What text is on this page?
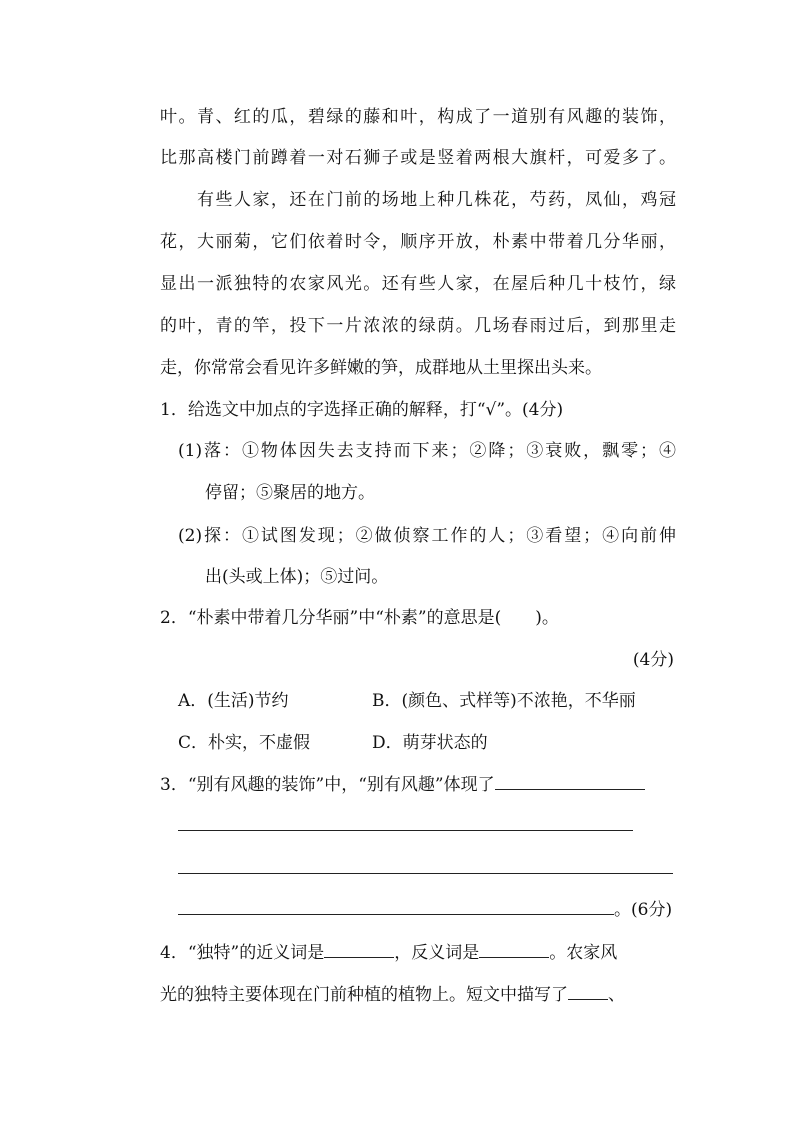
叶。青、红的瓜，碧绿的藤和叶，构成了一道别有风趣的装饰，
比那高楼门前蹲着一对石狮子或是竖着两根大旗杆，可爱多了。
有些人家，还在门前的场地上种几株花，芍药，凤仙，鸡冠
花，大丽菊，它们依着时令，顺序开放，朴素中带着几分华丽，
显出一派独特的农家风光。还有些人家，在屋后种几十枝竹，绿
的叶，青的竿，投下一片浓浓的绿荫。几场春雨过后，到那里走
走，你常常会看见许多鲜嫩的笋，成群地从土里探出头来。
1．给选文中加点的字选择正确的解释，打“√”。(4分)
(1)落：①物体因失去支持而下来；②降；③衰败，飘零；④
停留；⑤聚居的地方。
(2)探：①试图发现；②做侦察工作的人；③看望；④向前伸
出(头或上体)；⑤过问。
2．“朴素中带着几分华丽”中“朴素”的意思是( )。
(4分)
A．(生活)节约	B．(颜色、式样等)不浓艳，不华丽
C．朴实，不虚假	D．萌芽状态的
3．“别有风趣的装饰”中，“别有风趣”体现了
。(6分)
4．“独特”的近义词是	，反义词是	。农家风
光的独特主要体现在门前种植的植物上。短文中描写了 、
